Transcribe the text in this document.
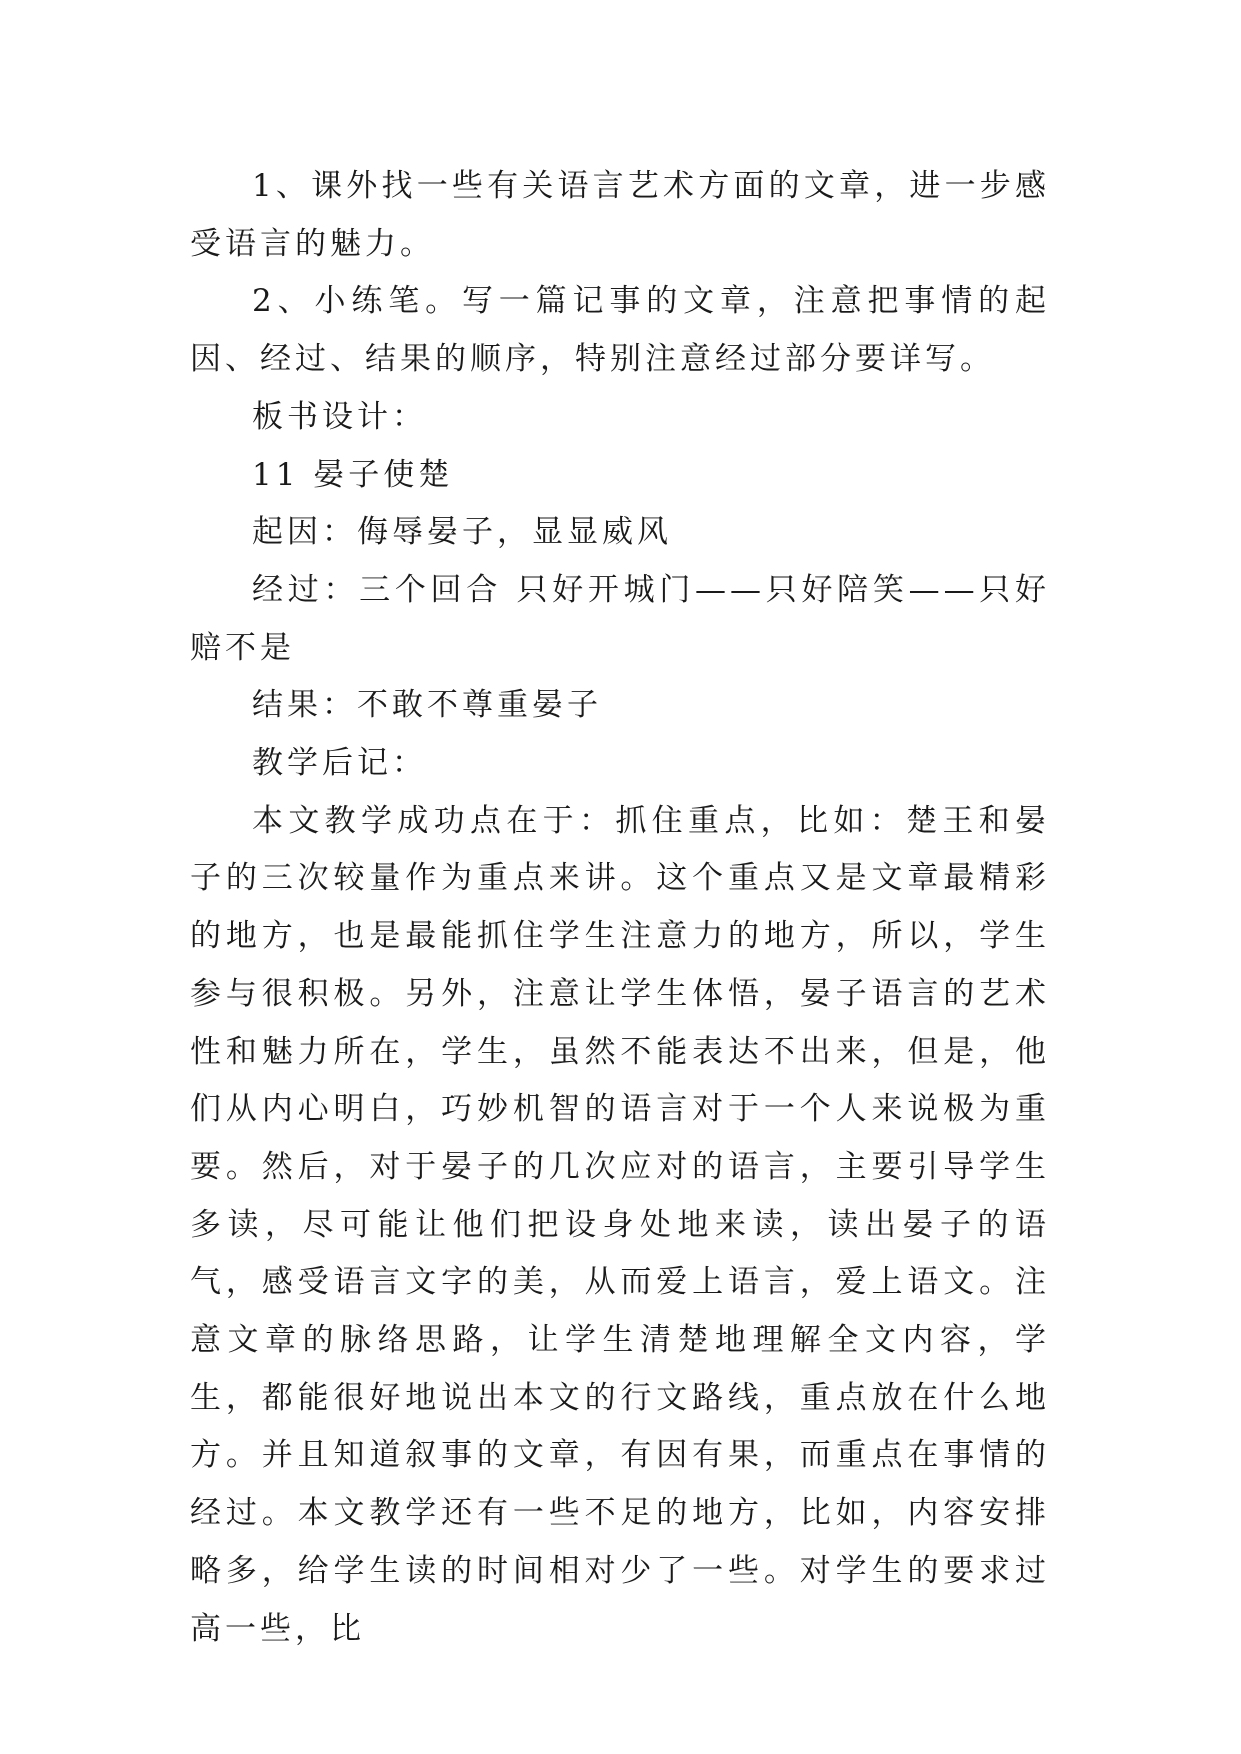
1、课外找一些有关语言艺术方面的文章，进一步感受语言的魅力。

2、小练笔。写一篇记事的文章，注意把事情的起因、经过、结果的顺序，特别注意经过部分要详写。

板书设计：

11 晏子使楚

起因：侮辱晏子，显显威风

经过：三个回合 只好开城门——只好陪笑——只好赔不是

结果：不敢不尊重晏子

教学后记：

本文教学成功点在于：抓住重点，比如：楚王和晏子的三次较量作为重点来讲。这个重点又是文章最精彩的地方，也是最能抓住学生注意力的地方，所以，学生参与很积极。另外，注意让学生体悟，晏子语言的艺术性和魅力所在，学生，虽然不能表达不出来，但是，他们从内心明白，巧妙机智的语言对于一个人来说极为重要。然后，对于晏子的几次应对的语言，主要引导学生多读，尽可能让他们把设身处地来读，读出晏子的语气，感受语言文字的美，从而爱上语言，爱上语文。注意文章的脉络思路，让学生清楚地理解全文内容，学生，都能很好地说出本文的行文路线，重点放在什么地方。并且知道叙事的文章，有因有果，而重点在事情的经过。本文教学还有一些不足的地方，比如，内容安排略多，给学生读的时间相对少了一些。对学生的要求过高一些，比
